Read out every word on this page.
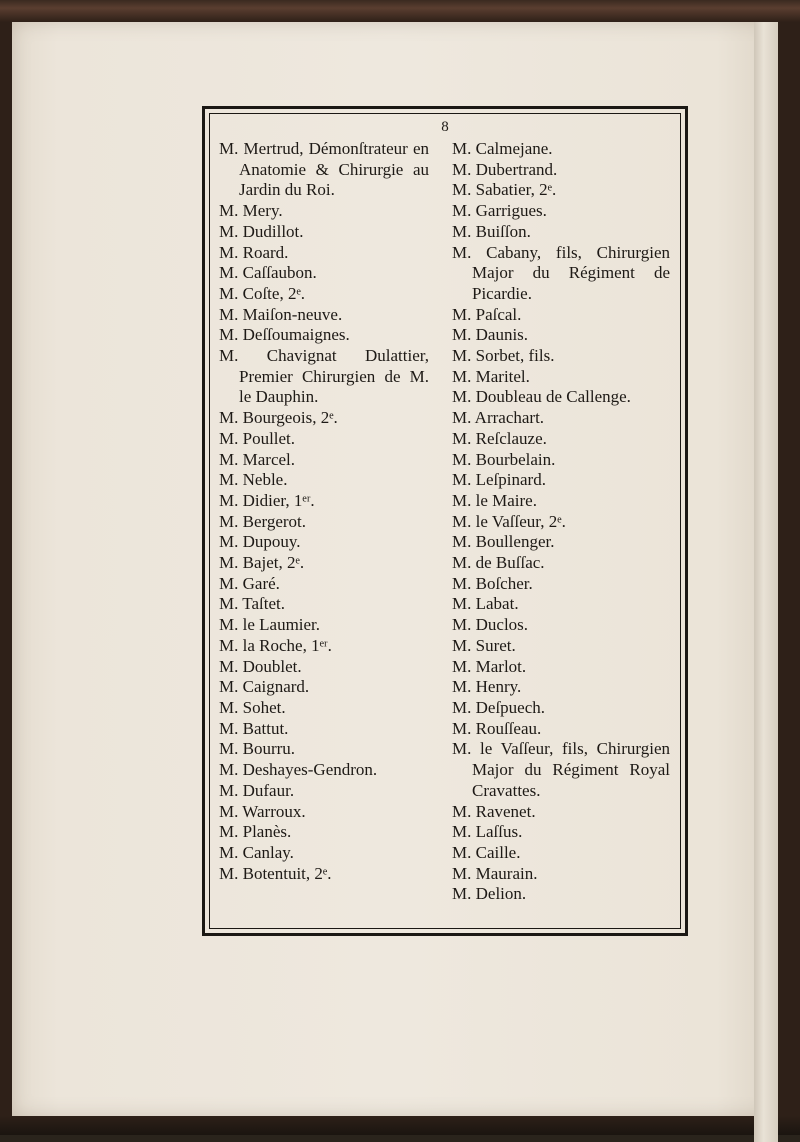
8

M. Mertrud, Démonſtrateur en Anatomie & Chirurgie au Jardin du Roi.

M. Mery.

M. Dudillot.

M. Roard.

M. Caſſaubon.

M. Coſte, 2ᵉ.

M. Maiſon-neuve.

M. Deſſoumaignes.

M. Chavignat Dulattier, Premier Chirurgien de M. le Dauphin.

M. Bourgeois, 2ᵉ.

M. Poullet.

M. Marcel.

M. Neble.

M. Didier, 1ᵉʳ.

M. Bergerot.

M. Dupouy.

M. Bajet, 2ᵉ.

M. Garé.

M. Taſtet.

M. le Laumier.

M. la Roche, 1ᵉʳ.

M. Doublet.

M. Caignard.

M. Sohet.

M. Battut.

M. Bourru.

M. Deshayes-Gendron.

M. Dufaur.

M. Warroux.

M. Planès.

M. Canlay.

M. Botentuit, 2ᵉ.

M. Calmejane.

M. Dubertrand.

M. Sabatier, 2ᵉ.

M. Garrigues.

M. Buiſſon.

M. Cabany, fils, Chirurgien Major du Régiment de Picardie.

M. Paſcal.

M. Daunis.

M. Sorbet, fils.

M. Maritel.

M. Doubleau de Callenge.

M. Arrachart.

M. Reſclauze.

M. Bourbelain.

M. Leſpinard.

M. le Maire.

M. le Vaſſeur, 2ᵉ.

M. Boullenger.

M. de Buſſac.

M. Boſcher.

M. Labat.

M. Duclos.

M. Suret.

M. Marlot.

M. Henry.

M. Deſpuech.

M. Rouſſeau.

M. le Vaſſeur, fils, Chirurgien Major du Régiment Royal Cravattes.

M. Ravenet.

M. Laſſus.

M. Caille.

M. Maurain.

M. Delion.
